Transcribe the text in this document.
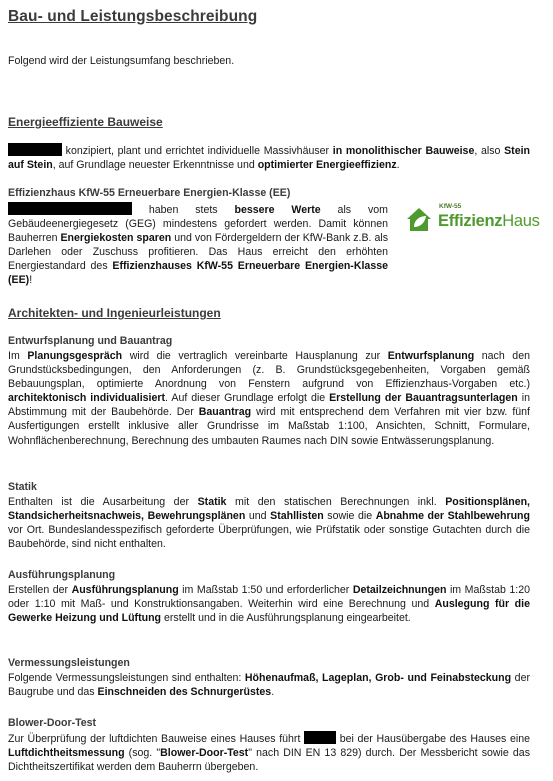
Bau- und Leistungsbeschreibung
Folgend wird der Leistungsumfang beschrieben.
Energieeffiziente Bauweise

konzipiert, plant und errichtet individuelle Massivhäuser in monolithischer Bauweise, also Stein auf Stein, auf Grundlage neuester Erkenntnisse und optimierter Energieeffizienz.

Effizienzhaus KfW-55 Erneuerbare Energien-Klasse (EE)

haben stets bessere Werte als vom Gebäudeenergiegesetz (GEG) mindestens gefordert werden. Damit können Bauherren Energiekosten sparen und von Fördergeldern der KfW-Bank z.B. als Darlehen oder Zuschuss profitieren. Das Haus erreicht den erhöhten Energiestandard des Effizienzhauses KfW-55 Erneuerbare Energien-Klasse (EE)!

KfW-55
EffizienzHaus
Architekten- und Ingenieurleistungen
Entwurfsplanung und Bauantrag

Im Planungsgespräch wird die vertraglich vereinbarte Hausplanung zur Entwurfsplanung nach den Grundstücksbedingungen, den Anforderungen (z. B. Grundstücksgegebenheiten, Vorgaben gemäß Bebauungsplan, optimierte Anordnung von Fenstern aufgrund von Effizienzhaus-Vorgaben etc.) architektonisch individualisiert. Auf dieser Grundlage erfolgt die Erstellung der Bauantragsunterlagen in Abstimmung mit der Baubehörde. Der Bauantrag wird mit entsprechend dem Verfahren mit vier bzw. fünf Ausfertigungen erstellt inklusive aller Grundrisse im Maßstab 1:100, Ansichten, Schnitt, Formulare, Wohnflächenberechnung, Berechnung des umbauten Raumes nach DIN sowie Entwässerungsplanung.

Statik

Enthalten ist die Ausarbeitung der Statik mit den statischen Berechnungen inkl. Positionsplänen, Standsicherheitsnachweis, Bewehrungsplänen und Stahllisten sowie die Abnahme der Stahlbewehrung vor Ort. Bundeslandesspezifisch geforderte Überprüfungen, wie Prüfstatik oder sonstige Gutachten durch die Baubehörde, sind nicht enthalten.

Ausführungsplanung

Erstellen der Ausführungsplanung im Maßstab 1:50 und erforderlicher Detailzeichnungen im Maßstab 1:20 oder 1:10 mit Maß- und Konstruktionsangaben. Weiterhin wird eine Berechnung und Auslegung für die Gewerke Heizung und Lüftung erstellt und in die Ausführungsplanung eingearbeitet.

Vermessungsleistungen

Folgende Vermessungsleistungen sind enthalten: Höhenaufmaß, Lageplan, Grob- und Feinabsteckung der Baugrube und das Einschneiden des Schnurgerüstes.

Blower-Door-Test

Zur Überprüfung der luftdichten Bauweise eines Hauses führt	bei der Hausübergabe des Hauses eine Luftdichtheitsmessung (sog. "Blower-Door-Test" nach DIN EN 13 829) durch. Der Messbericht sowie das Dichtheitszertifikat werden dem Bauherrn übergeben.
